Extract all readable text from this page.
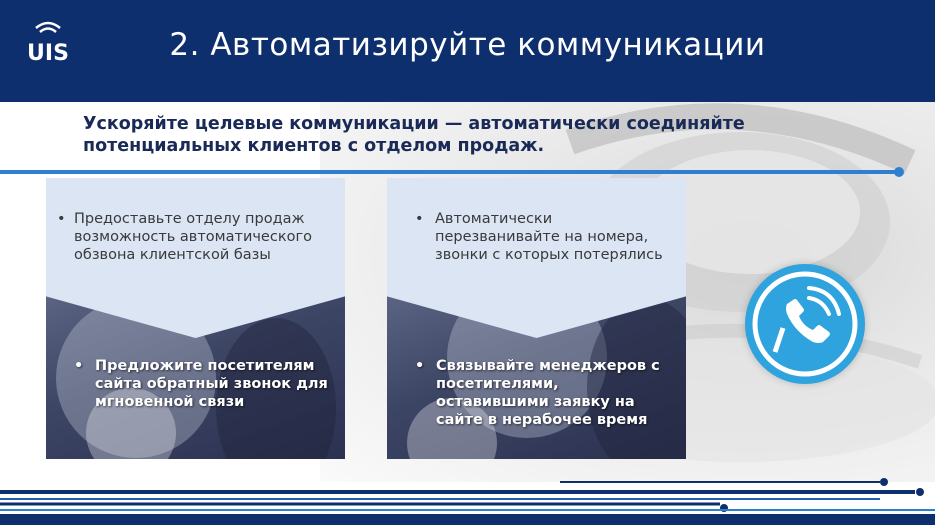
UIS	2. Автоматизируйте коммуникации
Ускоряйте целевые коммуникации — автоматически соединяйте потенциальных клиентов с отделом продаж.
• Предоставьте отделу продаж возможность автоматического обзвона клиентской базы
• Предложите посетителям сайта обратный звонок для мгновенной связи
• Автоматически перезванивайте на номера, звонки с которых потерялись
• Связывайте менеджеров с посетителями, оставившими заявку на сайте в нерабочее время
